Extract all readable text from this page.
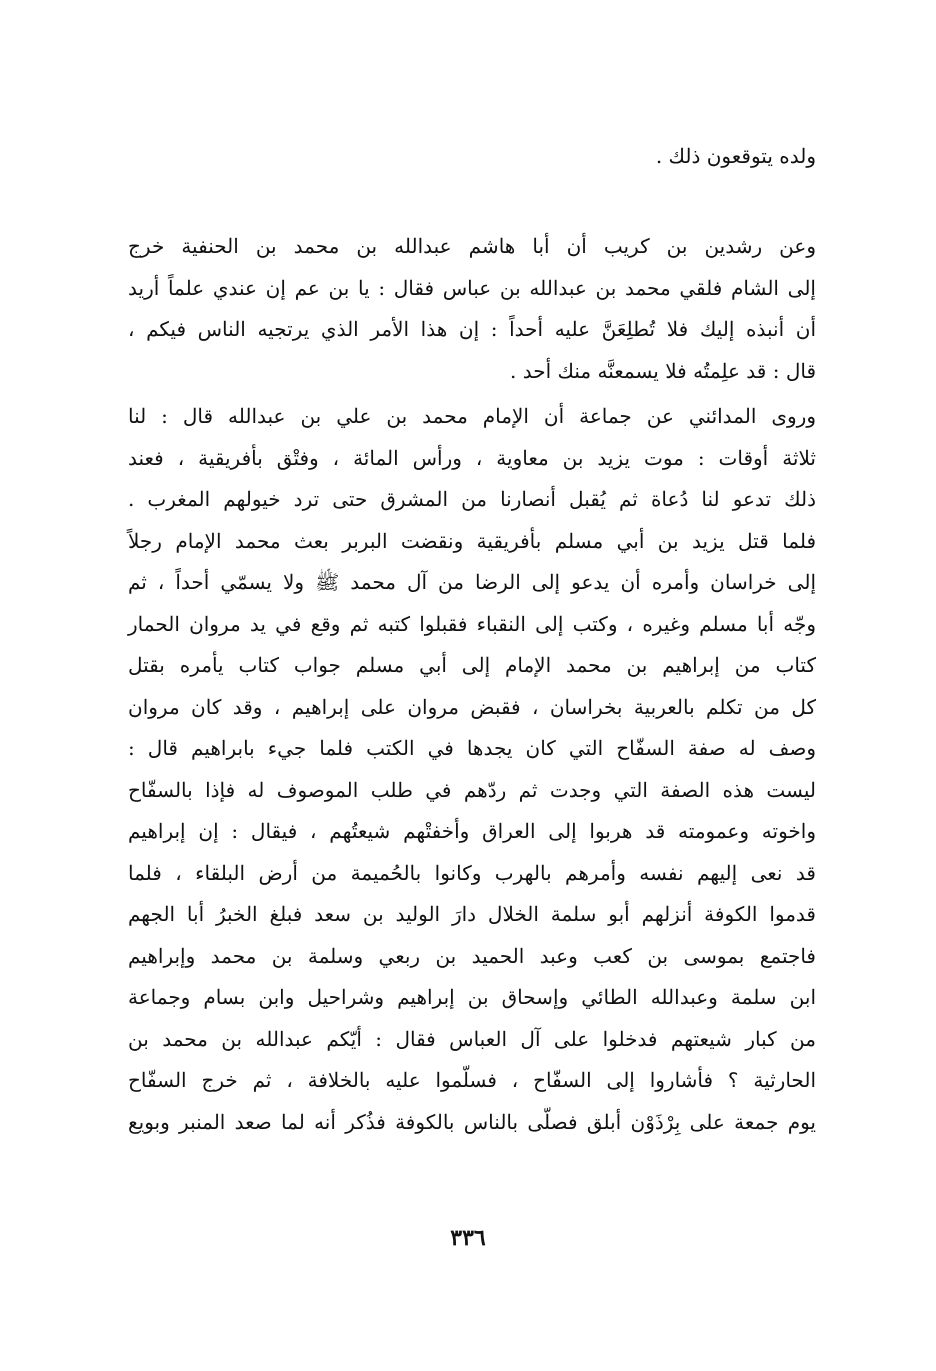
ولده يتوقعون ذلك .
وعن رشدين بن كريب أن أبا هاشم عبدالله بن محمد بن الحنفية خرج
إلى الشام فلقي محمد بن عبدالله بن عباس فقال : يا بن عم إن عندي علماً أريد
أن أنبذه إليك فلا تُطلِعَنَّ عليه أحداً : إن هذا الأمر الذي يرتجيه الناس فيكم ،
قال : قد علِمتُه فلا يسمعنَّه منك أحد .
وروى المدائني عن جماعة أن الإمام محمد بن علي بن عبدالله قال : لنا
ثلاثة أوقات : موت يزيد بن معاوية ، ورأس المائة ، وفتْق بأفريقية ، فعند
ذلك تدعو لنا دُعاة ثم يُقبل أنصارنا من المشرق حتى ترد خيولهم المغرب .
فلما قتل يزيد بن أبي مسلم بأفريقية ونقضت البربر بعث محمد الإمام رجلاً
إلى خراسان وأمره أن يدعو إلى الرضا من آل محمد ﷺ ولا يسمّي أحداً ، ثم
وجّه أبا مسلم وغيره ، وكتب إلى النقباء فقبلوا كتبه ثم وقع في يد مروان الحمار
كتاب من إبراهيم بن محمد الإمام إلى أبي مسلم جواب كتاب يأمره بقتل
كل من تكلم بالعربية بخراسان ، فقبض مروان على إبراهيم ، وقد كان مروان
وصف له صفة السفّاح التي كان يجدها في الكتب فلما جيء بابراهيم قال :
ليست هذه الصفة التي وجدت ثم ردّهم في طلب الموصوف له فإذا بالسفّاح
واخوته وعمومته قد هربوا إلى العراق وأخفتْهم شيعتُهم ، فيقال : إن إبراهيم
قد نعى إليهم نفسه وأمرهم بالهرب وكانوا بالحُميمة من أرض البلقاء ، فلما
قدموا الكوفة أنزلهم أبو سلمة الخلال دارَ الوليد بن سعد فبلغ الخبرُ أبا الجهم
فاجتمع بموسى بن كعب وعبد الحميد بن ربعي وسلمة بن محمد وإبراهيم
ابن سلمة وعبدالله الطائي وإسحاق بن إبراهيم وشراحيل وابن بسام وجماعة
من كبار شيعتهم فدخلوا على آل العباس فقال : أيّكم عبدالله بن محمد بن
الحارثية ؟ فأشاروا إلى السفّاح ، فسلّموا عليه بالخلافة ، ثم خرج السفّاح
يوم جمعة على بِرْذَوْن أبلق فصلّى بالناس بالكوفة فذُكر أنه لما صعد المنبر وبويع
٣٣٦
